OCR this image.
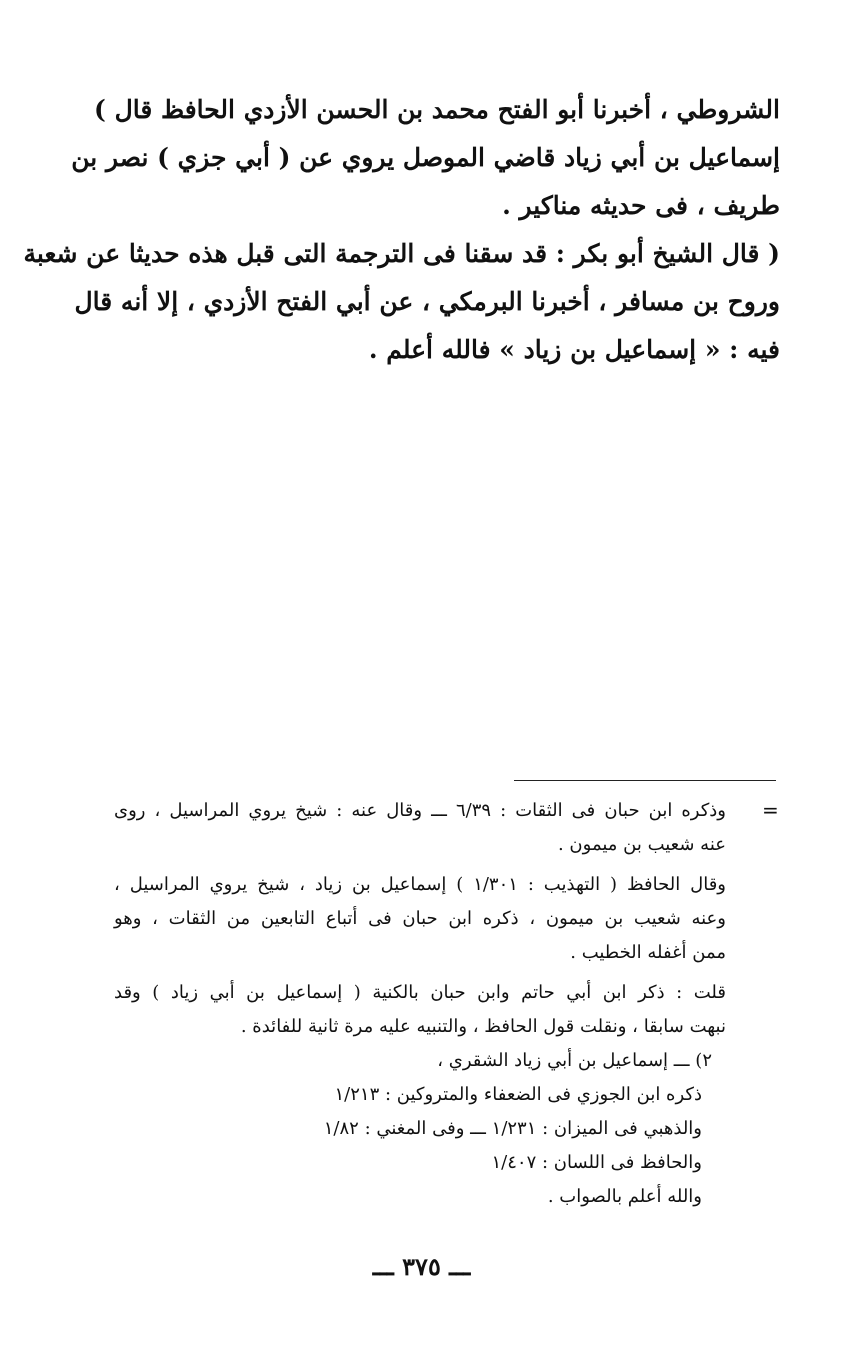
الشروطي ، أخبرنا أبو الفتح محمد بن الحسن الأزدي الحافظ قال )
إسماعيل بن أبي زياد قاضي الموصل يروي عن ( أبي جزي ) نصر بن
طريف ، فى حديثه مناكير .
( قال الشيخ أبو بكر : قد سقنا فى الترجمة التى قبل هذه حديثا عن شعبة
وروح بن مسافر ، أخبرنا البرمكي ، عن أبي الفتح الأزدي ، إلا أنه قال
فيه : « إسماعيل بن زياد » فالله أعلم .
=
وذكره ابن حبان فى الثقات : ٦/٣٩ ـــ وقال عنه : شيخ يروي المراسيل ، روى
عنه شعيب بن ميمون .
وقال الحافظ ( التهذيب : ١/٣٠١ ) إسماعيل بن زياد ، شيخ يروي المراسيل ،
وعنه شعيب بن ميمون ، ذكره ابن حبان فى أتباع التابعين من الثقات ، وهو
ممن أغفله الخطيب .
قلت : ذكر ابن أبي حاتم وابن حبان بالكنية ( إسماعيل بن أبي زياد ) وقد
نبهت سابقا ، ونقلت قول الحافظ ، والتنبيه عليه مرة ثانية للفائدة .
٢) ـــ إسماعيل بن أبي زياد الشقري ،
ذكره ابن الجوزي فى الضعفاء والمتروكين : ١/٢١٣
والذهبي فى الميزان : ١/٢٣١ ـــ وفى المغني : ١/٨٢
والحافظ فى اللسان : ١/٤٠٧
والله أعلم بالصواب .
ـــ ٣٧٥ ـــ
